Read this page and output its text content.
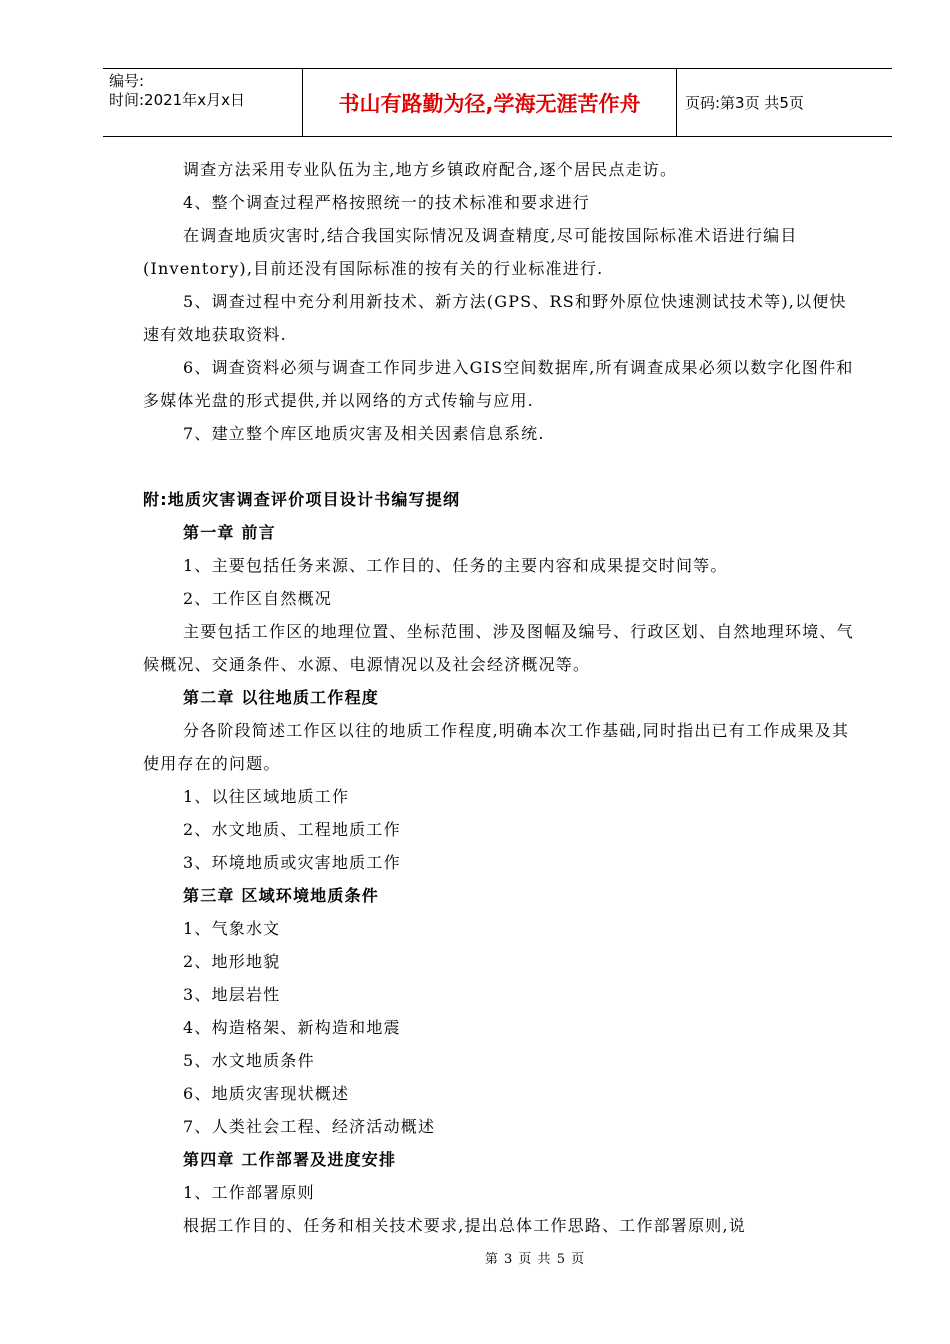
编号:
时间:2021年x月x日	书山有路勤为径,学海无涯苦作舟	页码:第3页 共5页

调查方法采用专业队伍为主,地方乡镇政府配合,逐个居民点走访。

4、整个调查过程严格按照统一的技术标准和要求进行

在调查地质灾害时,结合我国实际情况及调查精度,尽可能按国际标准术语进行编目(Inventory),目前还没有国际标准的按有关的行业标准进行.

5、调查过程中充分利用新技术、新方法(GPS、RS和野外原位快速测试技术等),以便快速有效地获取资料.

6、调查资料必须与调查工作同步进入GIS空间数据库,所有调查成果必须以数字化图件和多媒体光盘的形式提供,并以网络的方式传输与应用.

7、建立整个库区地质灾害及相关因素信息系统.

附:地质灾害调查评价项目设计书编写提纲

第一章 前言

1、主要包括任务来源、工作目的、任务的主要内容和成果提交时间等。

2、工作区自然概况

主要包括工作区的地理位置、坐标范围、涉及图幅及编号、行政区划、自然地理环境、气候概况、交通条件、水源、电源情况以及社会经济概况等。

第二章 以往地质工作程度

分各阶段简述工作区以往的地质工作程度,明确本次工作基础,同时指出已有工作成果及其使用存在的问题。

1、以往区域地质工作

2、水文地质、工程地质工作

3、环境地质或灾害地质工作

第三章 区域环境地质条件

1、气象水文

2、地形地貌

3、地层岩性

4、构造格架、新构造和地震

5、水文地质条件

6、地质灾害现状概述

7、人类社会工程、经济活动概述

第四章 工作部署及进度安排

1、工作部署原则

根据工作目的、任务和相关技术要求,提出总体工作思路、工作部署原则,说

第 3 页 共 5 页
